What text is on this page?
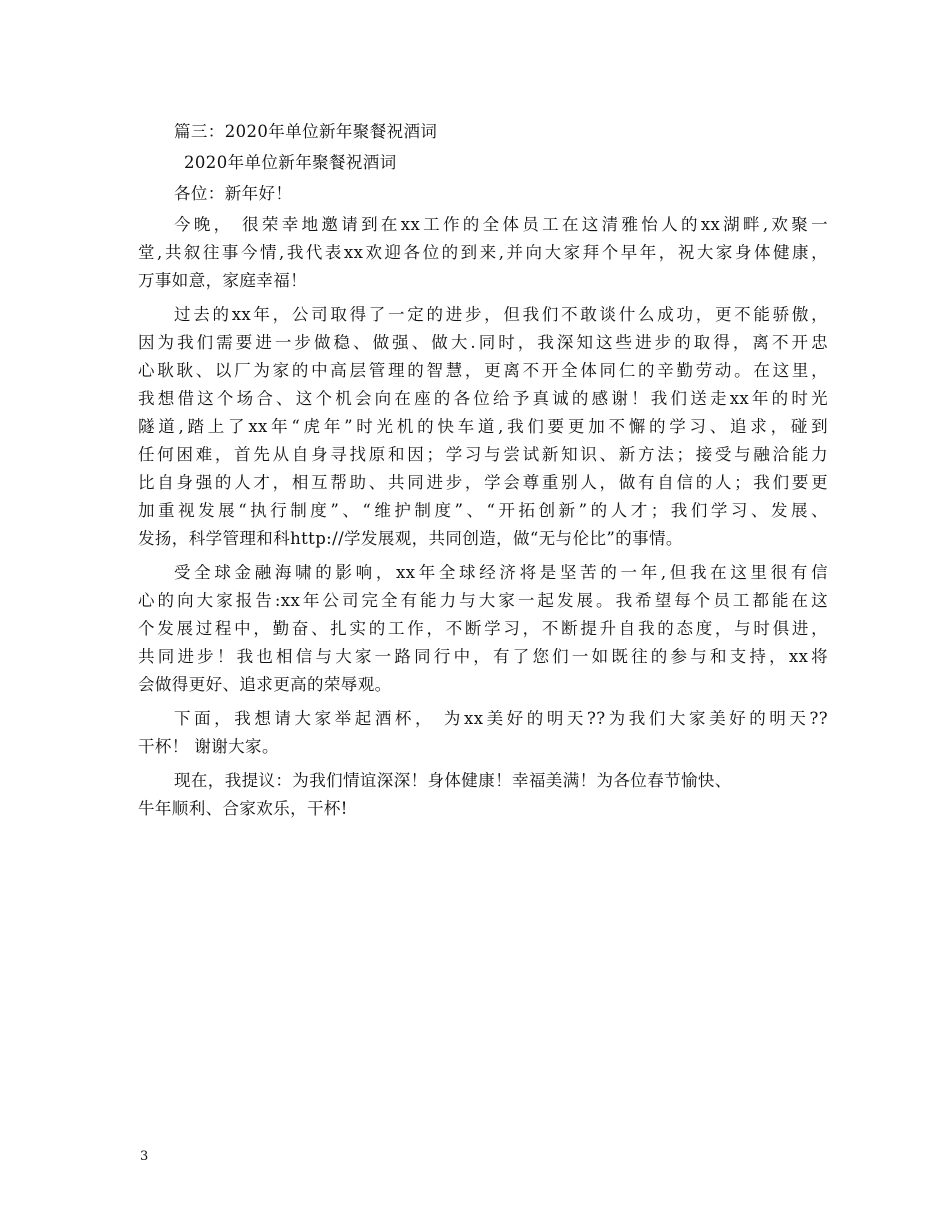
篇三：2020年单位新年聚餐祝酒词
2020年单位新年聚餐祝酒词
各位：新年好！
今晚， 很荣幸地邀请到在xx工作的全体员工在这清雅怡人的xx湖畔,欢聚一
堂,共叙往事今情,我代表xx欢迎各位的到来,并向大家拜个早年，祝大家身体健康，
万事如意，家庭幸福！
过去的xx年，公司取得了一定的进步，但我们不敢谈什么成功，更不能骄傲，
因为我们需要进一步做稳、做强、做大.同时，我深知这些进步的取得，离不开忠
心耿耿、以厂为家的中高层管理的智慧，更离不开全体同仁的辛勤劳动。在这里，
我想借这个场合、这个机会向在座的各位给予真诚的感谢！我们送走xx年的时光
隧道,踏上了xx年“虎年”时光机的快车道,我们要更加不懈的学习、追求，碰到
任何困难，首先从自身寻找原和因；学习与尝试新知识、新方法；接受与融洽能力
比自身强的人才，相互帮助、共同进步，学会尊重别人，做有自信的人；我们要更
加重视发展“执行制度”、“维护制度”、“开拓创新”的人才；我们学习、发展、
发扬，科学管理和科http://学发展观，共同创造，做“无与伦比”的事情。
受全球金融海啸的影响，xx年全球经济将是坚苦的一年,但我在这里很有信
心的向大家报告:xx年公司完全有能力与大家一起发展。我希望每个员工都能在这
个发展过程中，勤奋、扎实的工作，不断学习，不断提升自我的态度，与时俱进，
共同进步！我也相信与大家一路同行中，有了您们一如既往的参与和支持，xx将
会做得更好、追求更高的荣辱观。
下面，我想请大家举起酒杯， 为xx美好的明天??为我们大家美好的明天??
干杯！ 谢谢大家。
现在，我提议：为我们情谊深深！身体健康！幸福美满！为各位春节愉快、
牛年顺利、合家欢乐，干杯!
3
